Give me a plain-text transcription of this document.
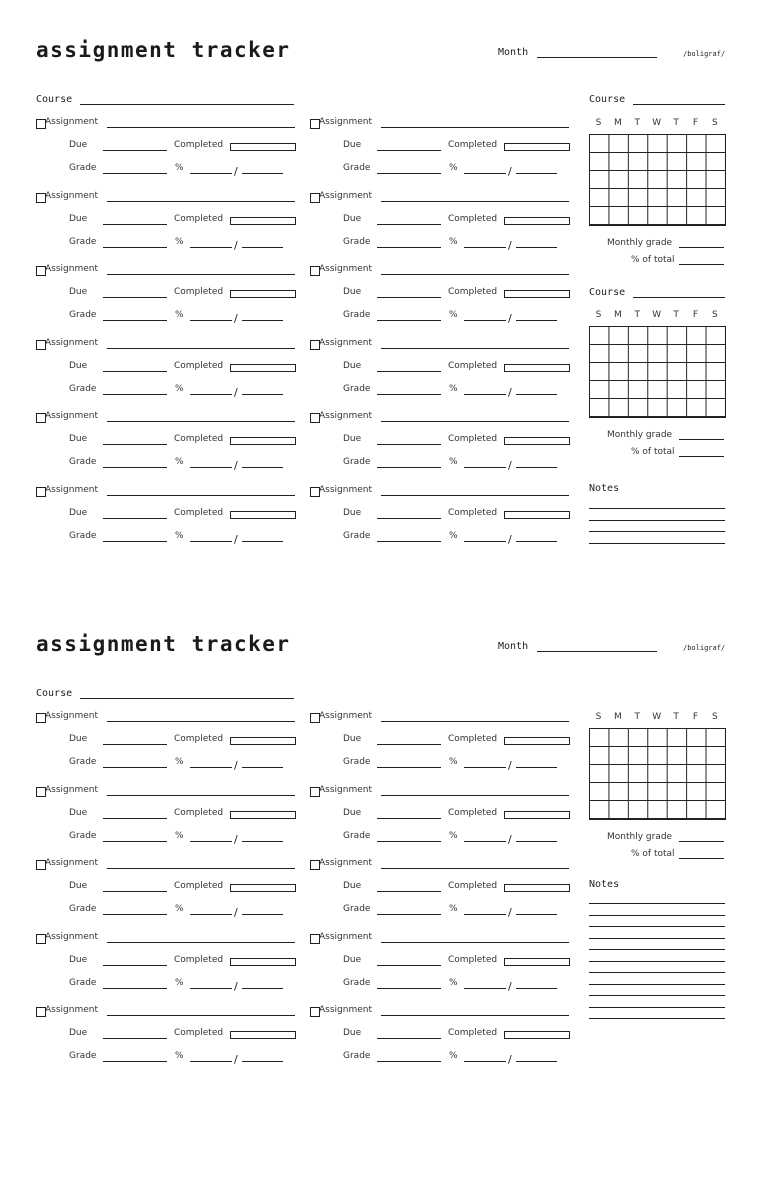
assignment tracker	Month	/boligraf/
Course
Assignment
Due	Completed
Grade	%	/
Assignment
Due	Completed
Grade	%	/
Assignment
Due	Completed
Grade	%	/
Assignment
Due	Completed
Grade	%	/
Assignment
Due	Completed
Grade	%	/
Assignment
Due	Completed
Grade	%	/
Assignment
Due	Completed
Grade	%	/
Assignment
Due	Completed
Grade	%	/
Assignment
Due	Completed
Grade	%	/
Assignment
Due	Completed
Grade	%	/
Assignment
Due	Completed
Grade	%	/
Assignment
Due	Completed
Grade	%	/
Course
S	M	T	W	T	F	S
Monthly grade
% of total
Course
S	M	T	W	T	F	S
Monthly grade
% of total
Notes
assignment tracker	Month	/boligraf/
Course
Assignment
Due	Completed
Grade	%	/
Assignment
Due	Completed
Grade	%	/
Assignment
Due	Completed
Grade	%	/
Assignment
Due	Completed
Grade	%	/
Assignment
Due	Completed
Grade	%	/
Assignment
Due	Completed
Grade	%	/
Assignment
Due	Completed
Grade	%	/
Assignment
Due	Completed
Grade	%	/
Assignment
Due	Completed
Grade	%	/
Assignment
Due	Completed
Grade	%	/
S	M	T	W	T	F	S
Monthly grade
% of total
Notes
